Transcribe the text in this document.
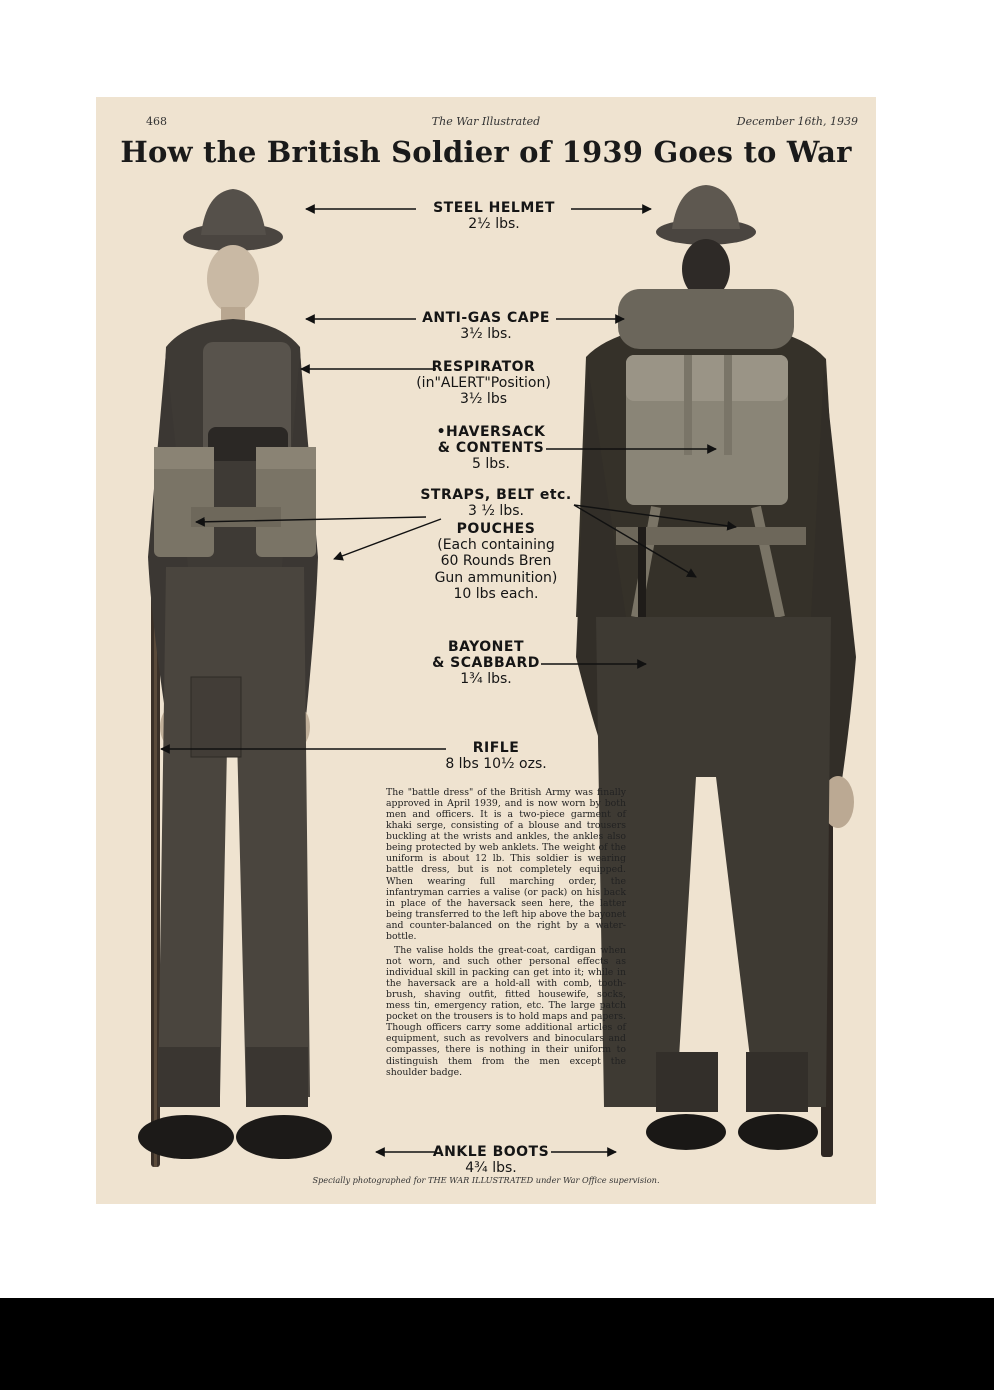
468	The War Illustrated	December 16th, 1939
How the British Soldier of 1939 Goes to War
STEEL HELMET
2½ lbs.
ANTI-GAS CAPE
3½ lbs.
RESPIRATOR
(in"ALERT"Position)
3½ lbs
•HAVERSACK
& CONTENTS
5 lbs.
STRAPS, BELT etc.
3 ½ lbs.
POUCHES
(Each containing
60 Rounds Bren
Gun ammunition)
10 lbs each.
BAYONET
& SCABBARD
1¾ lbs.
RIFLE
8 lbs 10½ ozs.

The "battle dress" of the British Army was finally approved in April 1939, and is now worn by both men and officers. It is a two-piece garment of khaki serge, consisting of a blouse and trousers buckling at the wrists and ankles, the ankles also being protected by web anklets. The weight of the uniform is about 12 lb. This soldier is wearing battle dress, but is not completely equipped. When wearing full marching order, the infantryman carries a valise (or pack) on his back in place of the haversack seen here, the latter being transferred to the left hip above the bayonet and counter-balanced on the right by a water-bottle.

The valise holds the great-coat, cardigan when not worn, and such other personal effects as individual skill in packing can get into it; while in the haversack are a hold-all with comb, tooth-brush, shaving outfit, fitted housewife, socks, mess tin, emergency ration, etc. The large patch pocket on the trousers is to hold maps and papers. Though officers carry some additional articles of equipment, such as revolvers and binoculars and compasses, there is nothing in their uniform to distinguish them from the men except the shoulder badge.

ANKLE BOOTS
4¾ lbs.
Specially photographed for THE WAR ILLUSTRATED under War Office supervision.
